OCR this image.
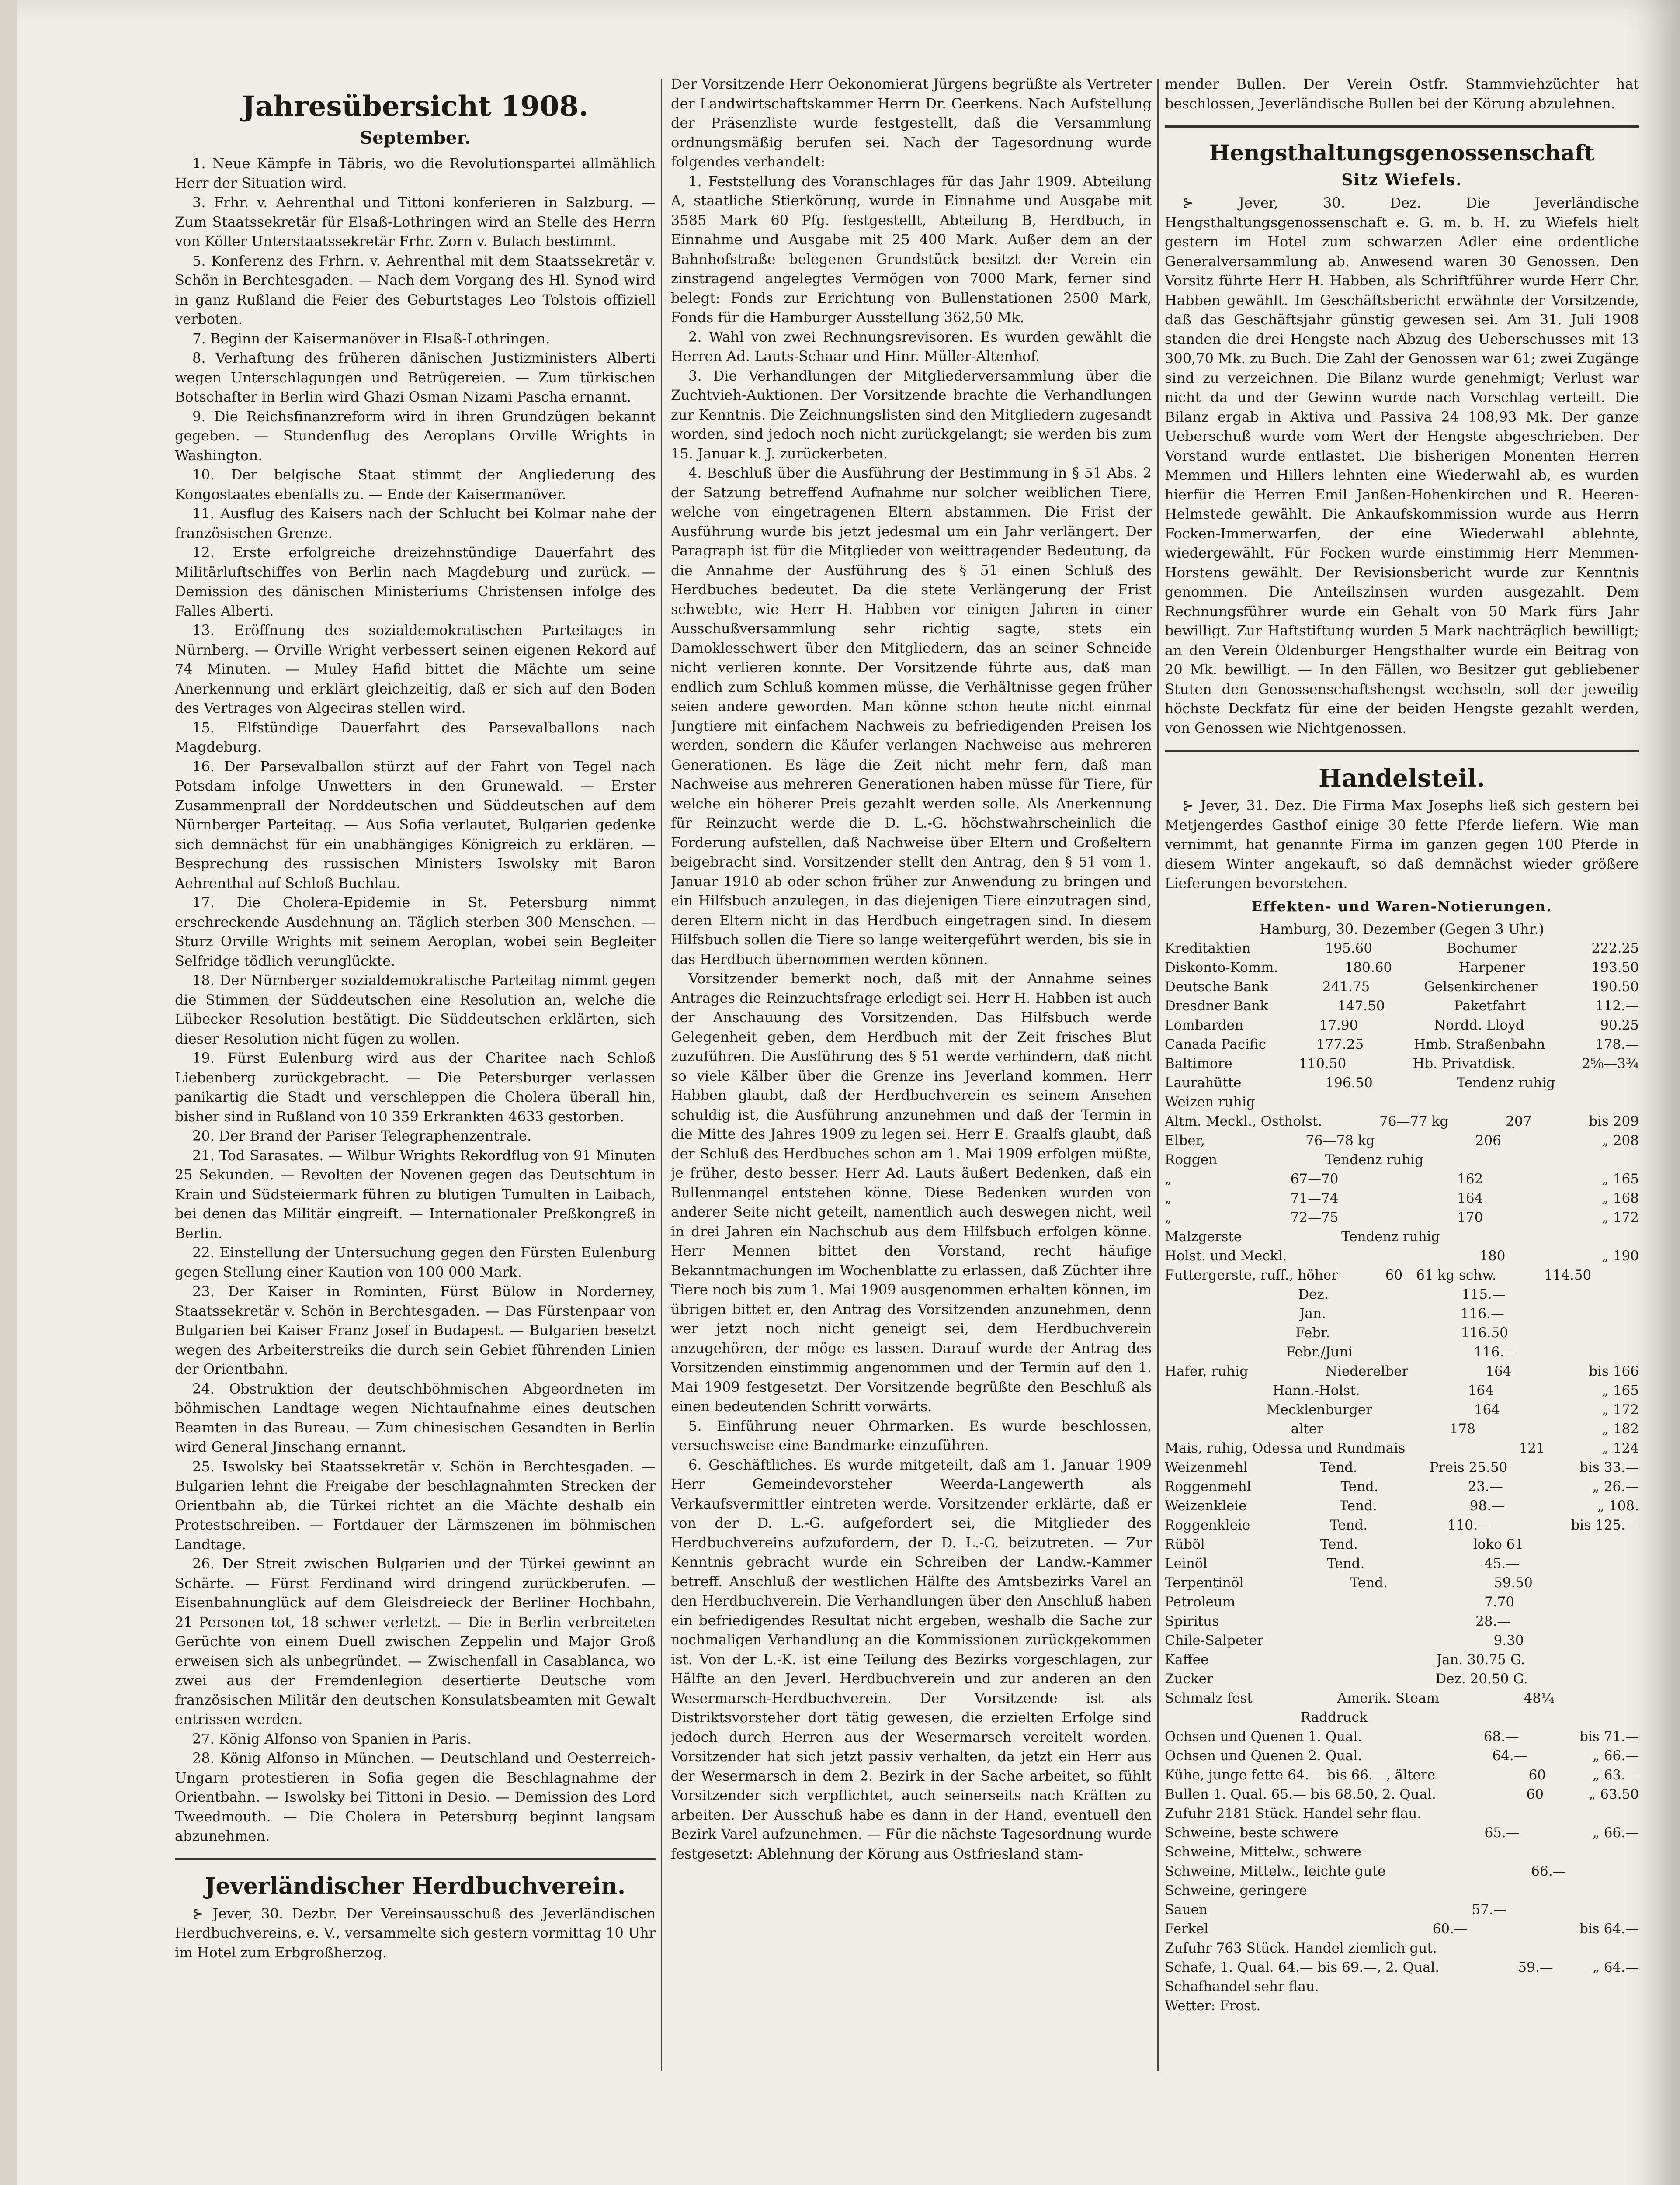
Jahresübersicht 1908.
September.

1. Neue Kämpfe in Täbris, wo die Revolutionspartei allmählich Herr der Situation wird.

3. Frhr. v. Aehrenthal und Tittoni konferieren in Salzburg. — Zum Staatssekretär für Elsaß-Lothringen wird an Stelle des Herrn von Köller Unterstaatssekretär Frhr. Zorn v. Bulach bestimmt.

5. Konferenz des Frhrn. v. Aehrenthal mit dem Staatssekretär v. Schön in Berchtesgaden. — Nach dem Vorgang des Hl. Synod wird in ganz Rußland die Feier des Geburtstages Leo Tolstois offiziell verboten.

7. Beginn der Kaisermanöver in Elsaß-Lothringen.

8. Verhaftung des früheren dänischen Justizministers Alberti wegen Unterschlagungen und Betrügereien. — Zum türkischen Botschafter in Berlin wird Ghazi Osman Nizami Pascha ernannt.

9. Die Reichsfinanzreform wird in ihren Grundzügen bekannt gegeben. — Stundenflug des Aeroplans Orville Wrights in Washington.

10. Der belgische Staat stimmt der Angliederung des Kongostaates ebenfalls zu. — Ende der Kaisermanöver.

11. Ausflug des Kaisers nach der Schlucht bei Kolmar nahe der französischen Grenze.

12. Erste erfolgreiche dreizehnstündige Dauerfahrt des Militärluftschiffes von Berlin nach Magdeburg und zurück. — Demission des dänischen Ministeriums Christensen infolge des Falles Alberti.

13. Eröffnung des sozialdemokratischen Parteitages in Nürnberg. — Orville Wright verbessert seinen eigenen Rekord auf 74 Minuten. — Muley Hafid bittet die Mächte um seine Anerkennung und erklärt gleichzeitig, daß er sich auf den Boden des Vertrages von Algeciras stellen wird.

15. Elfstündige Dauerfahrt des Parsevalballons nach Magdeburg.

16. Der Parsevalballon stürzt auf der Fahrt von Tegel nach Potsdam infolge Unwetters in den Grunewald. — Erster Zusammenprall der Norddeutschen und Süddeutschen auf dem Nürnberger Parteitag. — Aus Sofia verlautet, Bulgarien gedenke sich demnächst für ein unabhängiges Königreich zu erklären. — Besprechung des russischen Ministers Iswolsky mit Baron Aehrenthal auf Schloß Buchlau.

17. Die Cholera-Epidemie in St. Petersburg nimmt erschreckende Ausdehnung an. Täglich sterben 300 Menschen. — Sturz Orville Wrights mit seinem Aeroplan, wobei sein Begleiter Selfridge tödlich verunglückte.

18. Der Nürnberger sozialdemokratische Parteitag nimmt gegen die Stimmen der Süddeutschen eine Resolution an, welche die Lübecker Resolution bestätigt. Die Süddeutschen erklärten, sich dieser Resolution nicht fügen zu wollen.

19. Fürst Eulenburg wird aus der Charitee nach Schloß Liebenberg zurückgebracht. — Die Petersburger verlassen panikartig die Stadt und verschleppen die Cholera überall hin, bisher sind in Rußland von 10 359 Erkrankten 4633 gestorben.

20. Der Brand der Pariser Telegraphenzentrale.

21. Tod Sarasates. — Wilbur Wrights Rekordflug von 91 Minuten 25 Sekunden. — Revolten der Novenen gegen das Deutschtum in Krain und Südsteiermark führen zu blutigen Tumulten in Laibach, bei denen das Militär eingreift. — Internationaler Preßkongreß in Berlin.

22. Einstellung der Untersuchung gegen den Fürsten Eulenburg gegen Stellung einer Kaution von 100 000 Mark.

23. Der Kaiser in Rominten, Fürst Bülow in Norderney, Staatssekretär v. Schön in Berchtesgaden. — Das Fürstenpaar von Bulgarien bei Kaiser Franz Josef in Budapest. — Bulgarien besetzt wegen des Arbeiterstreiks die durch sein Gebiet führenden Linien der Orientbahn.

24. Obstruktion der deutschböhmischen Abgeordneten im böhmischen Landtage wegen Nichtaufnahme eines deutschen Beamten in das Bureau. — Zum chinesischen Gesandten in Berlin wird General Jinschang ernannt.

25. Iswolsky bei Staatssekretär v. Schön in Berchtesgaden. — Bulgarien lehnt die Freigabe der beschlagnahmten Strecken der Orientbahn ab, die Türkei richtet an die Mächte deshalb ein Protestschreiben. — Fortdauer der Lärmszenen im böhmischen Landtage.

26. Der Streit zwischen Bulgarien und der Türkei gewinnt an Schärfe. — Fürst Ferdinand wird dringend zurückberufen. — Eisenbahnunglück auf dem Gleisdreieck der Berliner Hochbahn, 21 Personen tot, 18 schwer verletzt. — Die in Berlin verbreiteten Gerüchte von einem Duell zwischen Zeppelin und Major Groß erweisen sich als unbegründet. — Zwischenfall in Casablanca, wo zwei aus der Fremdenlegion desertierte Deutsche vom französischen Militär den deutschen Konsulatsbeamten mit Gewalt entrissen werden.

27. König Alfonso von Spanien in Paris.

28. König Alfonso in München. — Deutschland und Oesterreich-Ungarn protestieren in Sofia gegen die Beschlagnahme der Orientbahn. — Iswolsky bei Tittoni in Desio. — Demission des Lord Tweedmouth. — Die Cholera in Petersburg beginnt langsam abzunehmen.

Jeverländischer Herdbuchverein.

⊱ Jever, 30. Dezbr. Der Vereinsausschuß des Jeverländischen Herdbuchvereins, e. V., versammelte sich gestern vormittag 10 Uhr im Hotel zum Erbgroßherzog.

Der Vorsitzende Herr Oekonomierat Jürgens begrüßte als Vertreter der Landwirtschaftskammer Herrn Dr. Geerkens. Nach Aufstellung der Präsenzliste wurde festgestellt, daß die Versammlung ordnungsmäßig berufen sei. Nach der Tagesordnung wurde folgendes verhandelt:

1. Feststellung des Voranschlages für das Jahr 1909. Abteilung A, staatliche Stierkörung, wurde in Einnahme und Ausgabe mit 3585 Mark 60 Pfg. festgestellt, Abteilung B, Herdbuch, in Einnahme und Ausgabe mit 25 400 Mark. Außer dem an der Bahnhofstraße belegenen Grundstück besitzt der Verein ein zinstragend angelegtes Vermögen von 7000 Mark, ferner sind belegt: Fonds zur Errichtung von Bullenstationen 2500 Mark, Fonds für die Hamburger Ausstellung 362,50 Mk.

2. Wahl von zwei Rechnungsrevisoren. Es wurden gewählt die Herren Ad. Lauts-Schaar und Hinr. Müller-Altenhof.

3. Die Verhandlungen der Mitgliederversammlung über die Zuchtvieh-Auktionen. Der Vorsitzende brachte die Verhandlungen zur Kenntnis. Die Zeichnungslisten sind den Mitgliedern zugesandt worden, sind jedoch noch nicht zurückgelangt; sie werden bis zum 15. Januar k. J. zurückerbeten.

4. Beschluß über die Ausführung der Bestimmung in § 51 Abs. 2 der Satzung betreffend Aufnahme nur solcher weiblichen Tiere, welche von eingetragenen Eltern abstammen. Die Frist der Ausführung wurde bis jetzt jedesmal um ein Jahr verlängert. Der Paragraph ist für die Mitglieder von weittragender Bedeutung, da die Annahme der Ausführung des § 51 einen Schluß des Herdbuches bedeutet. Da die stete Verlängerung der Frist schwebte, wie Herr H. Habben vor einigen Jahren in einer Ausschußversammlung sehr richtig sagte, stets ein Damoklesschwert über den Mitgliedern, das an seiner Schneide nicht verlieren konnte. Der Vorsitzende führte aus, daß man endlich zum Schluß kommen müsse, die Verhältnisse gegen früher seien andere geworden. Man könne schon heute nicht einmal Jungtiere mit einfachem Nachweis zu befriedigenden Preisen los werden, sondern die Käufer verlangen Nachweise aus mehreren Generationen. Es läge die Zeit nicht mehr fern, daß man Nachweise aus mehreren Generationen haben müsse für Tiere, für welche ein höherer Preis gezahlt werden solle. Als Anerkennung für Reinzucht werde die D. L.-G. höchstwahrscheinlich die Forderung aufstellen, daß Nachweise über Eltern und Großeltern beigebracht sind. Vorsitzender stellt den Antrag, den § 51 vom 1. Januar 1910 ab oder schon früher zur Anwendung zu bringen und ein Hilfsbuch anzulegen, in das diejenigen Tiere einzutragen sind, deren Eltern nicht in das Herdbuch eingetragen sind. In diesem Hilfsbuch sollen die Tiere so lange weitergeführt werden, bis sie in das Herdbuch übernommen werden können.

Vorsitzender bemerkt noch, daß mit der Annahme seines Antrages die Reinzuchtsfrage erledigt sei. Herr H. Habben ist auch der Anschauung des Vorsitzenden. Das Hilfsbuch werde Gelegenheit geben, dem Herdbuch mit der Zeit frisches Blut zuzuführen. Die Ausführung des § 51 werde verhindern, daß nicht so viele Kälber über die Grenze ins Jeverland kommen. Herr Habben glaubt, daß der Herdbuchverein es seinem Ansehen schuldig ist, die Ausführung anzunehmen und daß der Termin in die Mitte des Jahres 1909 zu legen sei. Herr E. Graalfs glaubt, daß der Schluß des Herdbuches schon am 1. Mai 1909 erfolgen müßte, je früher, desto besser. Herr Ad. Lauts äußert Bedenken, daß ein Bullenmangel entstehen könne. Diese Bedenken wurden von anderer Seite nicht geteilt, namentlich auch deswegen nicht, weil in drei Jahren ein Nachschub aus dem Hilfsbuch erfolgen könne. Herr Mennen bittet den Vorstand, recht häufige Bekanntmachungen im Wochenblatte zu erlassen, daß Züchter ihre Tiere noch bis zum 1. Mai 1909 ausgenommen erhalten können, im übrigen bittet er, den Antrag des Vorsitzenden anzunehmen, denn wer jetzt noch nicht geneigt sei, dem Herdbuchverein anzugehören, der möge es lassen. Darauf wurde der Antrag des Vorsitzenden einstimmig angenommen und der Termin auf den 1. Mai 1909 festgesetzt. Der Vorsitzende begrüßte den Beschluß als einen bedeutenden Schritt vorwärts.

5. Einführung neuer Ohrmarken. Es wurde beschlossen, versuchsweise eine Bandmarke einzuführen.

6. Geschäftliches. Es wurde mitgeteilt, daß am 1. Januar 1909 Herr Gemeindevorsteher Weerda-Langewerth als Verkaufsvermittler eintreten werde. Vorsitzender erklärte, daß er von der D. L.-G. aufgefordert sei, die Mitglieder des Herdbuchvereins aufzufordern, der D. L.-G. beizutreten. — Zur Kenntnis gebracht wurde ein Schreiben der Landw.-Kammer betreff. Anschluß der westlichen Hälfte des Amtsbezirks Varel an den Herdbuchverein. Die Verhandlungen über den Anschluß haben ein befriedigendes Resultat nicht ergeben, weshalb die Sache zur nochmaligen Verhandlung an die Kommissionen zurückgekommen ist. Von der L.-K. ist eine Teilung des Bezirks vorgeschlagen, zur Hälfte an den Jeverl. Herdbuchverein und zur anderen an den Wesermarsch-Herdbuchverein. Der Vorsitzende ist als Distriktsvorsteher dort tätig gewesen, die erzielten Erfolge sind jedoch durch Herren aus der Wesermarsch vereitelt worden. Vorsitzender hat sich jetzt passiv verhalten, da jetzt ein Herr aus der Wesermarsch in dem 2. Bezirk in der Sache arbeitet, so fühlt Vorsitzender sich verpflichtet, auch seinerseits nach Kräften zu arbeiten. Der Ausschuß habe es dann in der Hand, eventuell den Bezirk Varel aufzunehmen. — Für die nächste Tagesordnung wurde festgesetzt: Ablehnung der Körung aus Ostfriesland stam-

mender Bullen. Der Verein Ostfr. Stammviehzüchter hat beschlossen, Jeverländische Bullen bei der Körung abzulehnen.

Hengsthaltungsgenossenschaft
Sitz Wiefels.

⊱ Jever, 30. Dez. Die Jeverländische Hengsthaltungsgenossenschaft e. G. m. b. H. zu Wiefels hielt gestern im Hotel zum schwarzen Adler eine ordentliche Generalversammlung ab. Anwesend waren 30 Genossen. Den Vorsitz führte Herr H. Habben, als Schriftführer wurde Herr Chr. Habben gewählt. Im Geschäftsbericht erwähnte der Vorsitzende, daß das Geschäftsjahr günstig gewesen sei. Am 31. Juli 1908 standen die drei Hengste nach Abzug des Ueberschusses mit 13 300,70 Mk. zu Buch. Die Zahl der Genossen war 61; zwei Zugänge sind zu verzeichnen. Die Bilanz wurde genehmigt; Verlust war nicht da und der Gewinn wurde nach Vorschlag verteilt. Die Bilanz ergab in Aktiva und Passiva 24 108,93 Mk. Der ganze Ueberschuß wurde vom Wert der Hengste abgeschrieben. Der Vorstand wurde entlastet. Die bisherigen Monenten Herren Memmen und Hillers lehnten eine Wiederwahl ab, es wurden hierfür die Herren Emil Janßen-Hohenkirchen und R. Heeren-Helmstede gewählt. Die Ankaufskommission wurde aus Herrn Focken-Immerwarfen, der eine Wiederwahl ablehnte, wiedergewählt. Für Focken wurde einstimmig Herr Memmen-Horstens gewählt. Der Revisionsbericht wurde zur Kenntnis genommen. Die Anteilszinsen wurden ausgezahlt. Dem Rechnungsführer wurde ein Gehalt von 50 Mark fürs Jahr bewilligt. Zur Haftstiftung wurden 5 Mark nachträglich bewilligt; an den Verein Oldenburger Hengsthalter wurde ein Beitrag von 20 Mk. bewilligt. — In den Fällen, wo Besitzer gut gebliebener Stuten den Genossenschaftshengst wechseln, soll der jeweilig höchste Deckfatz für eine der beiden Hengste gezahlt werden, von Genossen wie Nichtgenossen.

Handelsteil.

⊱ Jever, 31. Dez. Die Firma Max Josephs ließ sich gestern bei Metjengerdes Gasthof einige 30 fette Pferde liefern. Wie man vernimmt, hat genannte Firma im ganzen gegen 100 Pferde in diesem Winter angekauft, so daß demnächst wieder größere Lieferungen bevorstehen.

Effekten- und Waren-Notierungen.

Hamburg, 30. Dezember (Gegen 3 Uhr.)

Kreditaktien	195.60	Bochumer	222.25
Diskonto-Komm.	180.60	Harpener	193.50
Deutsche Bank	241.75	Gelsenkirchener	190.50
Dresdner Bank	147.50	Paketfahrt	112.—
Lombarden	17.90	Nordd. Lloyd	90.25
Canada Pacific	177.25	Hmb. Straßenbahn	178.—
Baltimore	110.50	Hb. Privatdisk.	2⅝—3¾
Laurahütte	196.50	Tendenz ruhig
Weizen ruhig
Altm. Meckl., Ostholst.	76—77 kg	207	bis 209
Elber,	76—78 kg	206	„ 208
Roggen	Tendenz ruhig
„	67—70	162	„ 165
„	71—74	164	„ 168
„	72—75	170	„ 172
Malzgerste	Tendenz ruhig
Holst. und Meckl.	180	„ 190
Futtergerste, ruff., höher	60—61 kg schw.	114.50
Dez.	115.—
Jan.	116.—
Febr.	116.50
Febr./Juni	116.—
Hafer, ruhig	Niederelber	164	bis 166
Hann.-Holst.	164	„ 165
Mecklenburger	164	„ 172
alter	178	„ 182
Mais, ruhig, Odessa und Rundmais	121	„ 124
Weizenmehl	Tend.	Preis 25.50	bis 33.—
Roggenmehl	Tend.	23.—	„ 26.—
Weizenkleie	Tend.	98.—	„ 108.
Roggenkleie	Tend.	110.—	bis 125.—
Rüböl	Tend.	loko 61
Leinöl	Tend.	45.—
Terpentinöl	Tend.	59.50
Petroleum	7.70
Spiritus	28.—
Chile-Salpeter	9.30
Kaffee	Jan. 30.75 G.
Zucker	Dez. 20.50 G.
Schmalz fest	Amerik. Steam	48¼
Raddruck
Ochsen und Quenen 1. Qual.	68.—	bis 71.—
Ochsen und Quenen 2. Qual.	64.—	„ 66.—
Kühe, junge fette 64.— bis 66.—, ältere	60	„ 63.—
Bullen 1. Qual. 65.— bis 68.50, 2. Qual.	60	„ 63.50
Zufuhr 2181 Stück. Handel sehr flau.
Schweine, beste schwere	65.—	„ 66.—
Schweine, Mittelw., schwere
Schweine, Mittelw., leichte gute	66.—
Schweine, geringere
Sauen	57.—
Ferkel	60.—	bis 64.—
Zufuhr 763 Stück. Handel ziemlich gut.
Schafe, 1. Qual. 64.— bis 69.—, 2. Qual.	59.—	„ 64.—
Schafhandel sehr flau.
Wetter: Frost.
